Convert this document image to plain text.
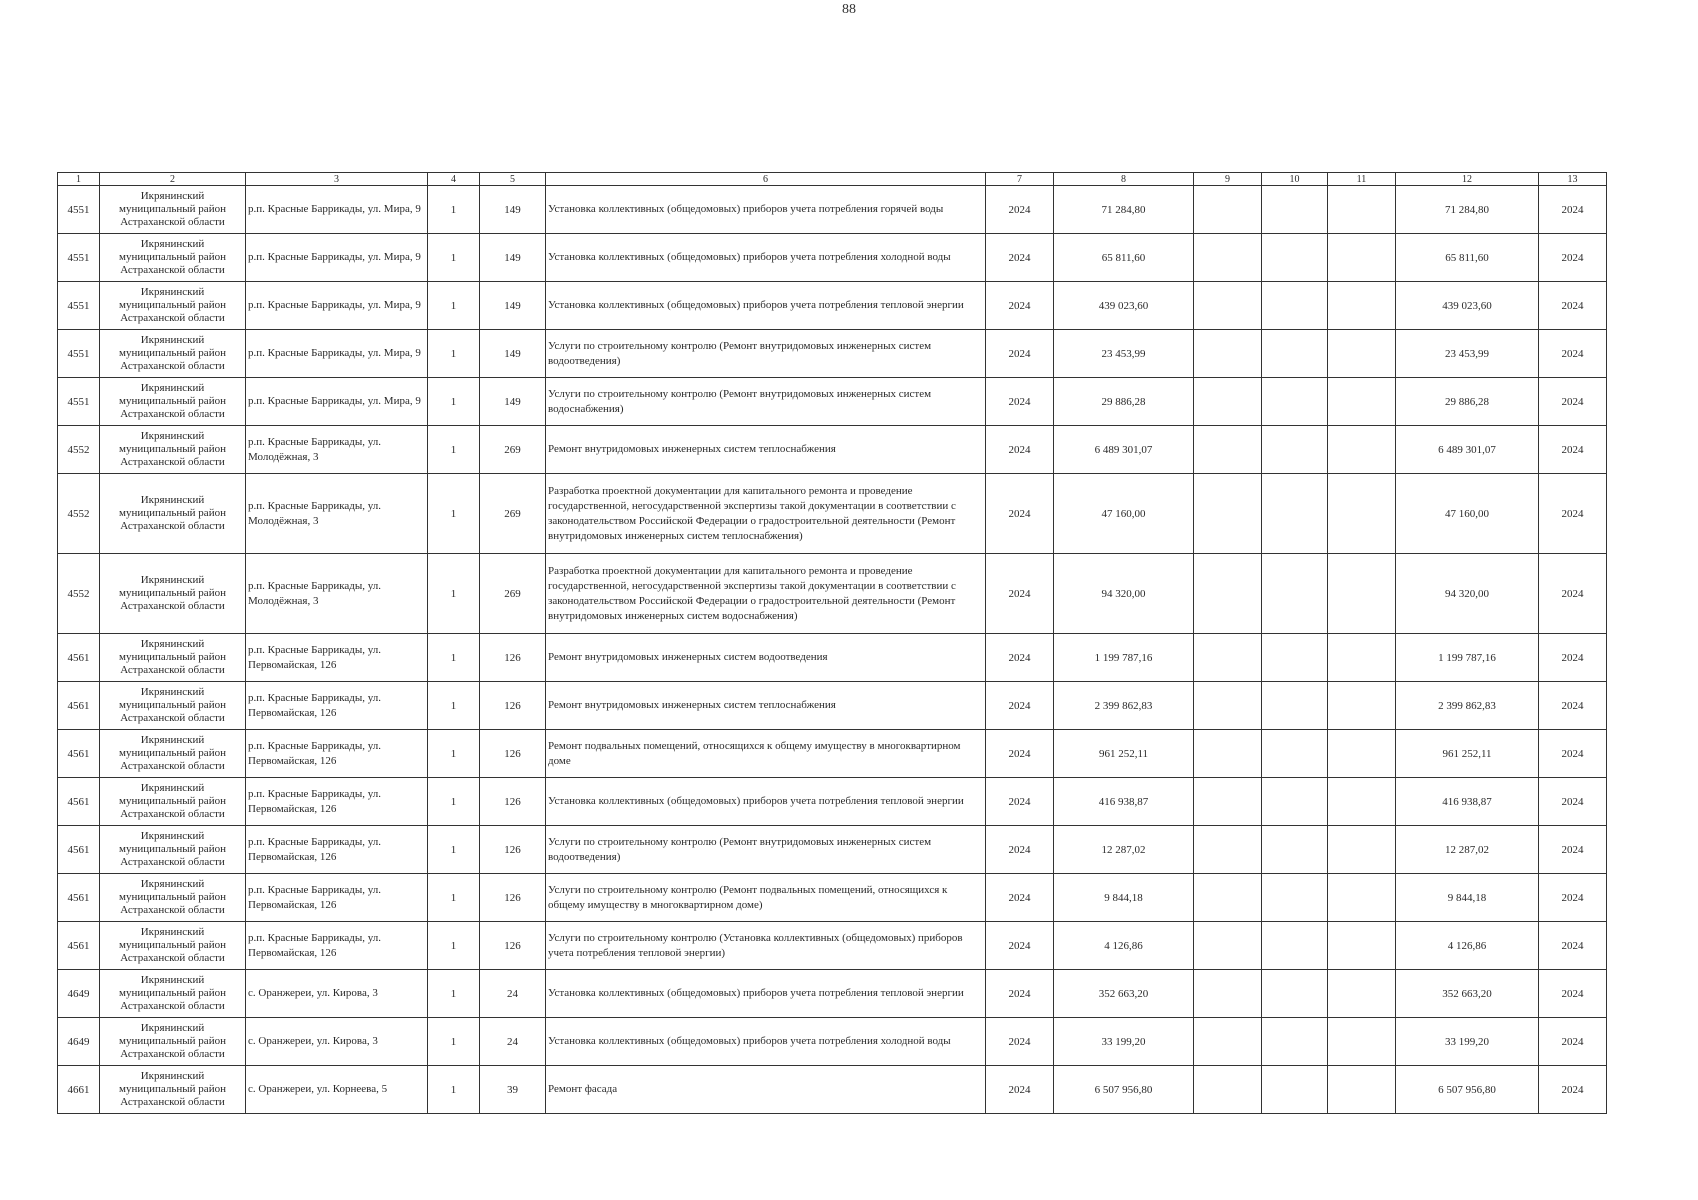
88
1	2	3	4	5	6	7	8	9	10	11	12	13
4551	Икрянинский муниципальный район Астраханской области	р.п. Красные Баррикады, ул. Мира, 9	1	149	Установка коллективных (общедомовых) приборов учета потребления горячей воды	2024	71 284,80				71 284,80	2024
4551	Икрянинский муниципальный район Астраханской области	р.п. Красные Баррикады, ул. Мира, 9	1	149	Установка коллективных (общедомовых) приборов учета потребления холодной воды	2024	65 811,60				65 811,60	2024
4551	Икрянинский муниципальный район Астраханской области	р.п. Красные Баррикады, ул. Мира, 9	1	149	Установка коллективных (общедомовых) приборов учета потребления тепловой энергии	2024	439 023,60				439 023,60	2024
4551	Икрянинский муниципальный район Астраханской области	р.п. Красные Баррикады, ул. Мира, 9	1	149	Услуги по строительному контролю (Ремонт внутридомовых инженерных систем водоотведения)	2024	23 453,99				23 453,99	2024
4551	Икрянинский муниципальный район Астраханской области	р.п. Красные Баррикады, ул. Мира, 9	1	149	Услуги по строительному контролю (Ремонт внутридомовых инженерных систем водоснабжения)	2024	29 886,28				29 886,28	2024
4552	Икрянинский муниципальный район Астраханской области	р.п. Красные Баррикады, ул. Молодёжная, 3	1	269	Ремонт внутридомовых инженерных систем теплоснабжения	2024	6 489 301,07				6 489 301,07	2024
4552	Икрянинский муниципальный район Астраханской области	р.п. Красные Баррикады, ул. Молодёжная, 3	1	269	Разработка проектной документации для капитального ремонта и проведение государственной, негосударственной экспертизы такой документации в соответствии с законодательством Российской Федерации о градостроительной деятельности (Ремонт внутридомовых инженерных систем теплоснабжения)	2024	47 160,00				47 160,00	2024
4552	Икрянинский муниципальный район Астраханской области	р.п. Красные Баррикады, ул. Молодёжная, 3	1	269	Разработка проектной документации для капитального ремонта и проведение государственной, негосударственной экспертизы такой документации в соответствии с законодательством Российской Федерации о градостроительной деятельности (Ремонт внутридомовых инженерных систем водоснабжения)	2024	94 320,00				94 320,00	2024
4561	Икрянинский муниципальный район Астраханской области	р.п. Красные Баррикады, ул. Первомайская, 126	1	126	Ремонт внутридомовых инженерных систем водоотведения	2024	1 199 787,16				1 199 787,16	2024
4561	Икрянинский муниципальный район Астраханской области	р.п. Красные Баррикады, ул. Первомайская, 126	1	126	Ремонт внутридомовых инженерных систем теплоснабжения	2024	2 399 862,83				2 399 862,83	2024
4561	Икрянинский муниципальный район Астраханской области	р.п. Красные Баррикады, ул. Первомайская, 126	1	126	Ремонт подвальных помещений, относящихся к общему имуществу в многоквартирном доме	2024	961 252,11				961 252,11	2024
4561	Икрянинский муниципальный район Астраханской области	р.п. Красные Баррикады, ул. Первомайская, 126	1	126	Установка коллективных (общедомовых) приборов учета потребления тепловой энергии	2024	416 938,87				416 938,87	2024
4561	Икрянинский муниципальный район Астраханской области	р.п. Красные Баррикады, ул. Первомайская, 126	1	126	Услуги по строительному контролю (Ремонт внутридомовых инженерных систем водоотведения)	2024	12 287,02				12 287,02	2024
4561	Икрянинский муниципальный район Астраханской области	р.п. Красные Баррикады, ул. Первомайская, 126	1	126	Услуги по строительному контролю (Ремонт подвальных помещений, относящихся к общему имуществу в многоквартирном доме)	2024	9 844,18				9 844,18	2024
4561	Икрянинский муниципальный район Астраханской области	р.п. Красные Баррикады, ул. Первомайская, 126	1	126	Услуги по строительному контролю (Установка коллективных (общедомовых) приборов учета потребления тепловой энергии)	2024	4 126,86				4 126,86	2024
4649	Икрянинский муниципальный район Астраханской области	с. Оранжереи, ул. Кирова, 3	1	24	Установка коллективных (общедомовых) приборов учета потребления тепловой энергии	2024	352 663,20				352 663,20	2024
4649	Икрянинский муниципальный район Астраханской области	с. Оранжереи, ул. Кирова, 3	1	24	Установка коллективных (общедомовых) приборов учета потребления холодной воды	2024	33 199,20				33 199,20	2024
4661	Икрянинский муниципальный район Астраханской области	с. Оранжереи, ул. Корнеева, 5	1	39	Ремонт фасада	2024	6 507 956,80				6 507 956,80	2024
